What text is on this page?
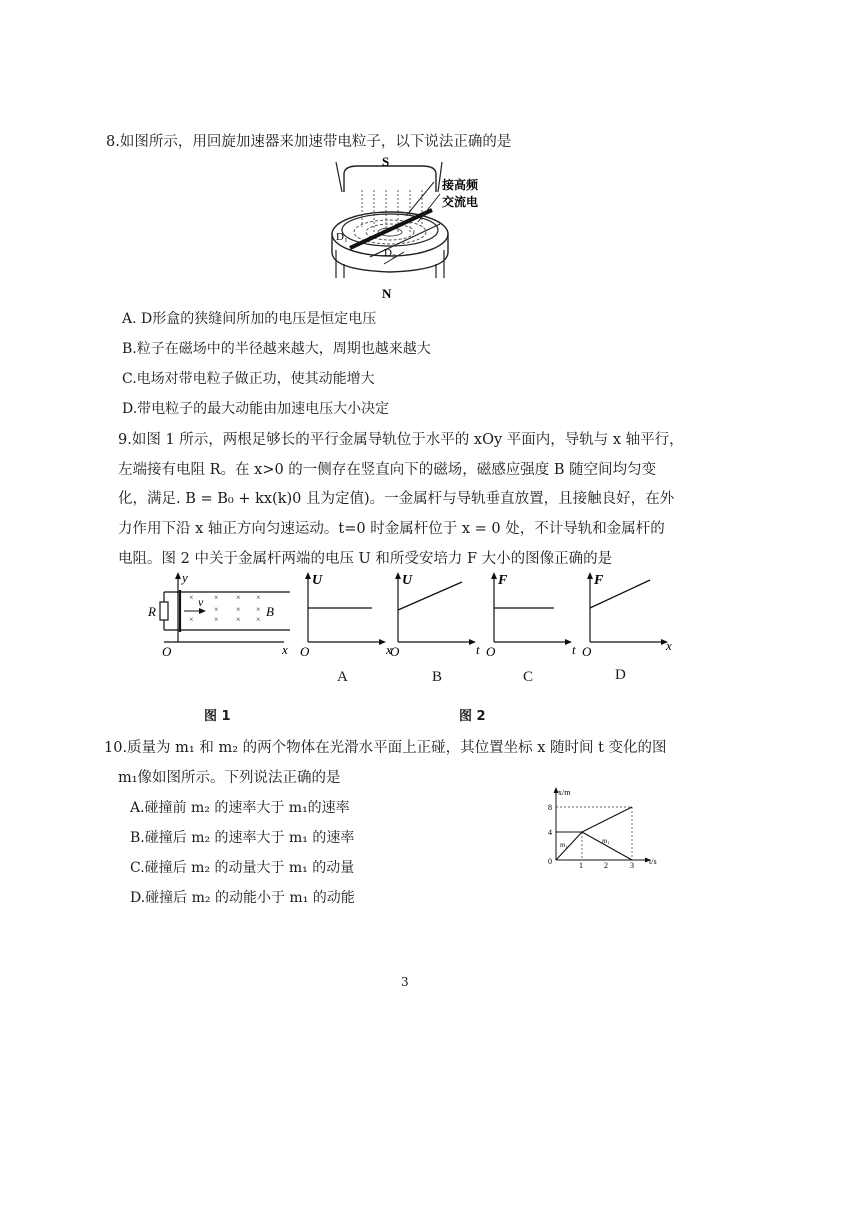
8.如图所示，用回旋加速器来加速带电粒子，以下说法正确的是
S
接高频
交流电
D₁
D₂
N
A. D形盒的狭缝间所加的电压是恒定电压
B.粒子在磁场中的半径越来越大，周期也越来越大
C.电场对带电粒子做正功，使其动能增大
D.带电粒子的最大动能由加速电压大小决定
9.如图 1 所示，两根足够长的平行金属导轨位于水平的 xOy 平面内，导轨与 x 轴平行，
左端接有电阻 R。在 x>0 的一侧存在竖直向下的磁场，磁感应强度 B 随空间均匀变
化，满足. B = B₀ + kx(k)0 且为定值)。一金属杆与导轨垂直放置，且接触良好，在外
力作用下沿 x 轴正方向匀速运动。t=0 时金属杆位于 x = 0 处，不计导轨和金属杆的
电阻。图 2 中关于金属杆两端的电压 U 和所受安培力 F 大小的图像正确的是
y
R
v
B
×	× × ×
×	× × ×
× ×
×
O	x
U
O	x
U
O	t
F
O	t
F
O	x
A	B	C	D
图 1	图 2
10.质量为 m₁ 和 m₂ 的两个物体在光滑水平面上正碰，其位置坐标 x 随时间 t 变化的图
m₁像如图所示。下列说法正确的是
A.碰撞前 m₂ 的速率大于 m₁的速率
B.碰撞后 m₂ 的速率大于 m₁ 的速率
C.碰撞后 m₂ 的动量大于 m₁ 的动量
D.碰撞后 m₂ 的动能小于 m₁ 的动能
x/m
t/s
8
4
0	1	2	3
m₁	m₁
3
